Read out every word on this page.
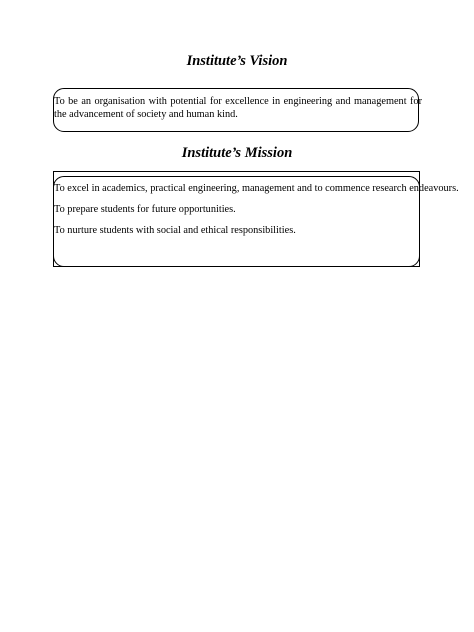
Institute’s Vision
To be an organisation with potential for excellence in engineering and management for the advancement of society and human kind.
Institute’s Mission
To excel in academics, practical engineering, management and to commence research endeavours.
To prepare students for future opportunities.
To nurture students with social and ethical responsibilities.
